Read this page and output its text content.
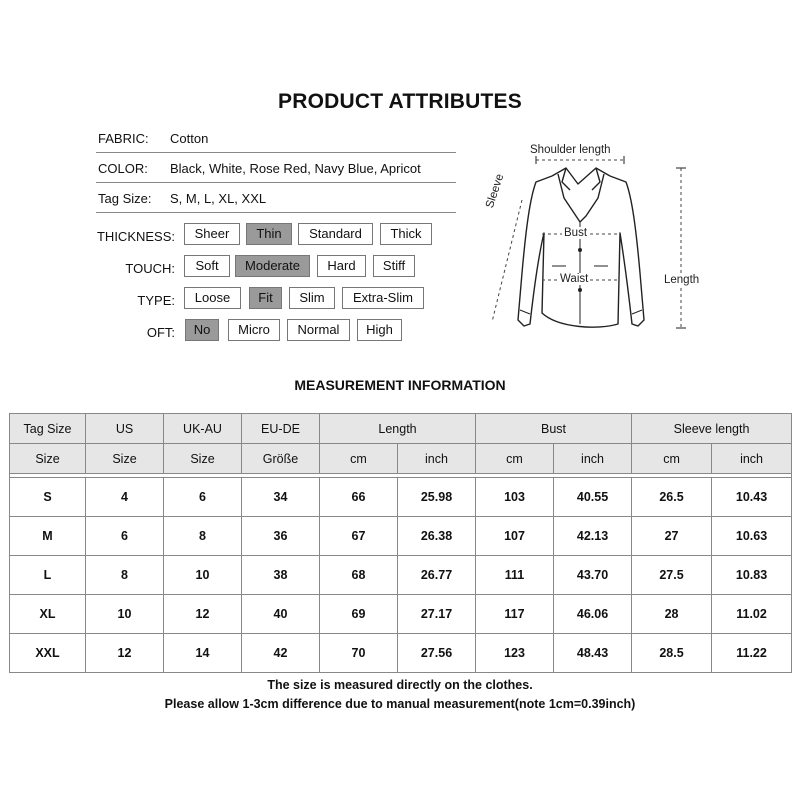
PRODUCT ATTRIBUTES
FABRIC: Cotton
COLOR: Black, White, Rose Red, Navy Blue, Apricot
Tag Size: S, M, L, XL, XXL
THICKNESS:	Sheer	Thin	Standard	Thick
TOUCH:	Soft	Moderate	Hard	Stiff
TYPE:	Loose	Fit	Slim	Extra-Slim
OFT:	No	Micro	Normal	High
Shoulder length
Sleeve
Bust
Waist	Length
MEASUREMENT INFORMATION
Tag Size	US	UK-AU	EU-DE	Length		Bust		Sleeve length	
Size	Size	Size	Größe	cm	inch	cm	inch	cm	inch

S	4	6	34	66	25.98	103	40.55	26.5	10.43
M	6	8	36	67	26.38	107	42.13	27	10.63
L	8	10	38	68	26.77	111	43.70	27.5	10.83
XL	10	12	40	69	27.17	117	46.06	28	11.02
XXL	12	14	42	70	27.56	123	48.43	28.5	11.22
The size is measured directly on the clothes.
Please allow 1-3cm difference due to manual measurement(note 1cm=0.39inch)
